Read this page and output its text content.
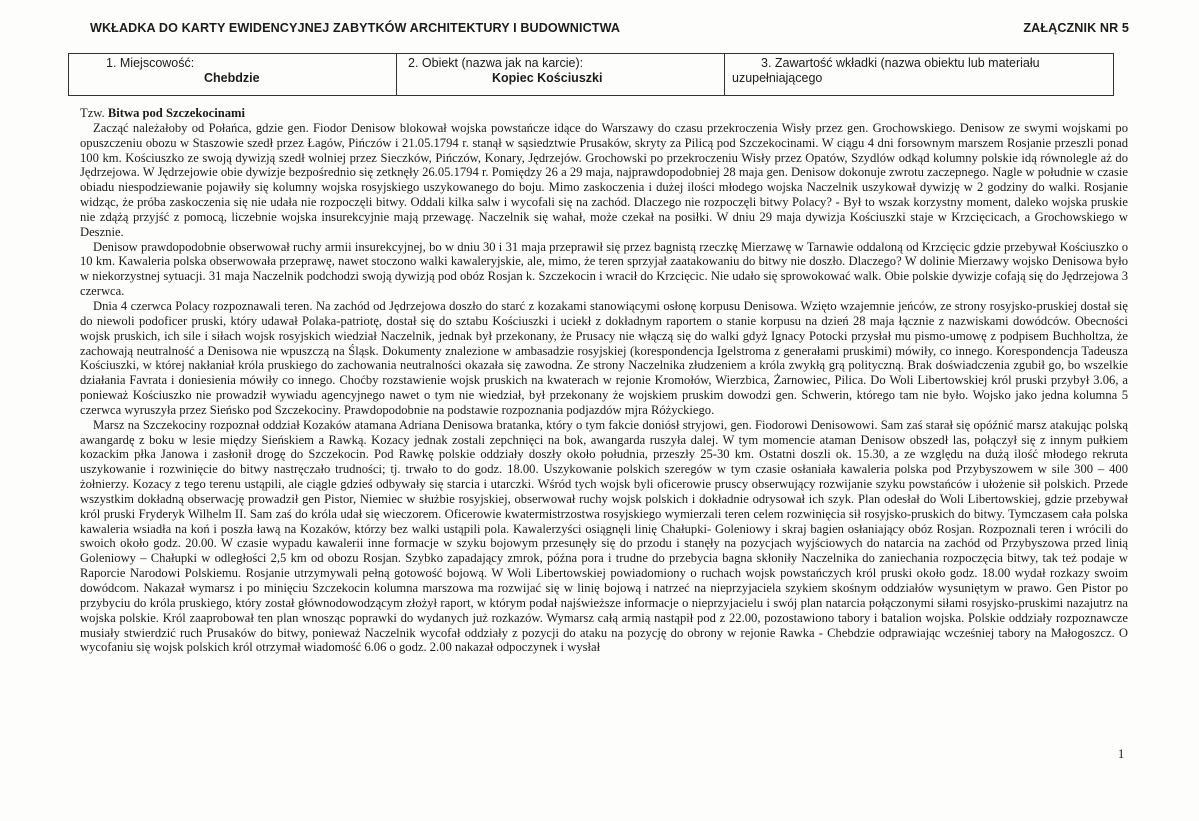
WKŁADKA DO KARTY EWIDENCYJNEJ ZABYTKÓW ARCHITEKTURY I BUDOWNICTWA	ZAŁĄCZNIK NR 5
1. Miejscowość:
Chebdzie
2. Obiekt (nazwa jak na karcie):
Kopiec Kościuszki
3. Zawartość wkładki (nazwa obiektu lub materiału
uzupełniającego

Tzw. Bitwa pod Szczekocinami

Zacząć należałoby od Połańca, gdzie gen. Fiodor Denisow blokował wojska powstańcze idące do Warszawy do czasu przekroczenia Wisły przez gen. Grochowskiego. Denisow ze swymi wojskami po opuszczeniu obozu w Staszowie szedł przez Łagów, Pińczów i 21.05.1794 r. stanął w sąsiedztwie Prusaków, skryty za Pilicą pod Szczekocinami. W ciągu 4 dni forsownym marszem Rosjanie przeszli ponad 100 km. Kościuszko ze swoją dywizją szedł wolniej przez Sieczków, Pińczów, Konary, Jędrzejów. Grochowski po przekroczeniu Wisły przez Opatów, Szydlów odkąd kolumny polskie idą równolegle aż do Jędrzejowa. W Jędrzejowie obie dywizje bezpośrednio się zetknęły 26.05.1794 r. Pomiędzy 26 a 29 maja, najprawdopodobniej 28 maja gen. Denisow dokonuje zwrotu zaczepnego. Nagle w południe w czasie obiadu niespodziewanie pojawiły się kolumny wojska rosyjskiego uszykowanego do boju. Mimo zaskoczenia i dużej ilości młodego wojska Naczelnik uszykował dywizję w 2 godziny do walki. Rosjanie widząc, że próba zaskoczenia się nie udała nie rozpoczęli bitwy. Oddali kilka salw i wycofali się na zachód. Dlaczego nie rozpoczęli bitwy Polacy? - Był to wszak korzystny moment, daleko wojska pruskie nie zdążą przyjść z pomocą, liczebnie wojska insurekcyjnie mają przewagę. Naczelnik się wahał, może czekał na posiłki. W dniu 29 maja dywizja Kościuszki staje w Krzcięcicach, a Grochowskiego w Desznie.

Denisow prawdopodobnie obserwował ruchy armii insurekcyjnej, bo w dniu 30 i 31 maja przeprawił się przez bagnistą rzeczkę Mierzawę w Tarnawie oddaloną od Krzcięcic gdzie przebywał Kościuszko o 10 km. Kawaleria polska obserwowała przeprawę, nawet stoczono walki kawaleryjskie, ale, mimo, że teren sprzyjał zaatakowaniu do bitwy nie doszło. Dlaczego? W dolinie Mierzawy wojsko Denisowa było w niekorzystnej sytuacji. 31 maja Naczelnik podchodzi swoją dywizją pod obóz Rosjan k. Szczekocin i wracił do Krzcięcic. Nie udało się sprowokować walk. Obie polskie dywizje cofają się do Jędrzejowa 3 czerwca.

Dnia 4 czerwca Polacy rozpoznawali teren. Na zachód od Jędrzejowa doszło do starć z kozakami stanowiącymi osłonę korpusu Denisowa. Wzięto wzajemnie jeńców, ze strony rosyjsko-pruskiej dostał się do niewoli podoficer pruski, który udawał Polaka-patriotę, dostał się do sztabu Kościuszki i uciekł z dokładnym raportem o stanie korpusu na dzień 28 maja łącznie z nazwiskami dowódców. Obecności wojsk pruskich, ich sile i siłach wojsk rosyjskich wiedział Naczelnik, jednak był przekonany, że Prusacy nie włączą się do walki gdyż Ignacy Potocki przysłał mu pismo-umowę z podpisem Buchholtza, że zachowają neutralność a Denisowa nie wpuszczą na Śląsk. Dokumenty znalezione w ambasadzie rosyjskiej (korespondencja Igelstroma z generałami pruskimi) mówiły, co innego. Korespondencja Tadeusza Kościuszki, w której nakłaniał króla pruskiego do zachowania neutralności okazała się zawodna. Ze strony Naczelnika złudzeniem a króla zwykłą grą polityczną. Brak doświadczenia zgubił go, bo wszelkie działania Favrata i doniesienia mówiły co innego. Choćby rozstawienie wojsk pruskich na kwaterach w rejonie Kromołów, Wierzbica, Żarnowiec, Pilica. Do Woli Libertowskiej król pruski przybył 3.06, a ponieważ Kościuszko nie prowadził wywiadu agencyjnego nawet o tym nie wiedział, był przekonany że wojskiem pruskim dowodzi gen. Schwerin, którego tam nie było. Wojsko jako jedna kolumna 5 czerwca wyruszyła przez Sieńsko pod Szczekociny. Prawdopodobnie na podstawie rozpoznania podjazdów mjra Różyckiego.

Marsz na Szczekociny rozpoznał oddział Kozaków atamana Adriana Denisowa bratanka, który o tym fakcie doniósł stryjowi, gen. Fiodorowi Denisowowi. Sam zaś starał się opóźnić marsz atakując polską awangardę z boku w lesie między Sieńskiem a Rawką. Kozacy jednak zostali zepchnięci na bok, awangarda ruszyła dalej. W tym momencie ataman Denisow obszedł las, połączył się z innym pułkiem kozackim płka Janowa i zasłonił drogę do Szczekocin. Pod Rawkę polskie oddziały doszły około południa, przeszły 25-30 km. Ostatni doszli ok. 15.30, a ze względu na dużą ilość młodego rekruta uszykowanie i rozwinięcie do bitwy nastręczało trudności; tj. trwało to do godz. 18.00. Uszykowanie polskich szeregów w tym czasie osłaniała kawaleria polska pod Przybyszowem w sile 300 – 400 żołnierzy. Kozacy z tego terenu ustąpili, ale ciągle gdzieś odbywały się starcia i utarczki. Wśród tych wojsk byli oficerowie pruscy obserwujący rozwijanie szyku powstańców i ułożenie sił polskich. Przede wszystkim dokładną obserwację prowadził gen Pistor, Niemiec w służbie rosyjskiej, obserwował ruchy wojsk polskich i dokładnie odrysował ich szyk. Plan odesłał do Woli Libertowskiej, gdzie przebywał król pruski Fryderyk Wilhelm II. Sam zaś do króla udał się wieczorem. Oficerowie kwatermistrzostwa rosyjskiego wymierzali teren celem rozwinięcia sił rosyjsko-pruskich do bitwy. Tymczasem cała polska kawaleria wsiadła na koń i poszła ławą na Kozaków, którzy bez walki ustąpili pola. Kawalerzyści osiągnęli linię Chałupki- Goleniowy i skraj bagien osłaniający obóz Rosjan. Rozpoznali teren i wrócili do swoich około godz. 20.00. W czasie wypadu kawalerii inne formacje w szyku bojowym przesunęły się do przodu i stanęły na pozycjach wyjściowych do natarcia na zachód od Przybyszowa przed linią Goleniowy – Chałupki w odległości 2,5 km od obozu Rosjan. Szybko zapadający zmrok, późna pora i trudne do przebycia bagna skłoniły Naczelnika do zaniechania rozpoczęcia bitwy, tak też podaje w Raporcie Narodowi Polskiemu. Rosjanie utrzymywali pełną gotowość bojową. W Woli Libertowskiej powiadomiony o ruchach wojsk powstańczych król pruski około godz. 18.00 wydał rozkazy swoim dowódcom. Nakazał wymarsz i po minięciu Szczekocin kolumna marszowa ma rozwijać się w linię bojową i natrzeć na nieprzyjaciela szykiem skośnym oddziałów wysuniętym w prawo. Gen Pistor po przybyciu do króla pruskiego, który został głównodowodzącym złożył raport, w którym podał najświeższe informacje o nieprzyjacielu i swój plan natarcia połączonymi siłami rosyjsko-pruskimi nazajutrz na wojska polskie. Król zaaprobował ten plan wnosząc poprawki do wydanych już rozkazów. Wymarsz całą armią nastąpił pod z 22.00, pozostawiono tabory i batalion wojska. Polskie oddziały rozpoznawcze musiały stwierdzić ruch Prusaków do bitwy, ponieważ Naczelnik wycofał oddziały z pozycji do ataku na pozycję do obrony w rejonie Rawka - Chebdzie odprawiając wcześniej tabory na Małogoszcz. O wycofaniu się wojsk polskich król otrzymał wiadomość 6.06 o godz. 2.00 nakazał odpoczynek i wysłał

1
